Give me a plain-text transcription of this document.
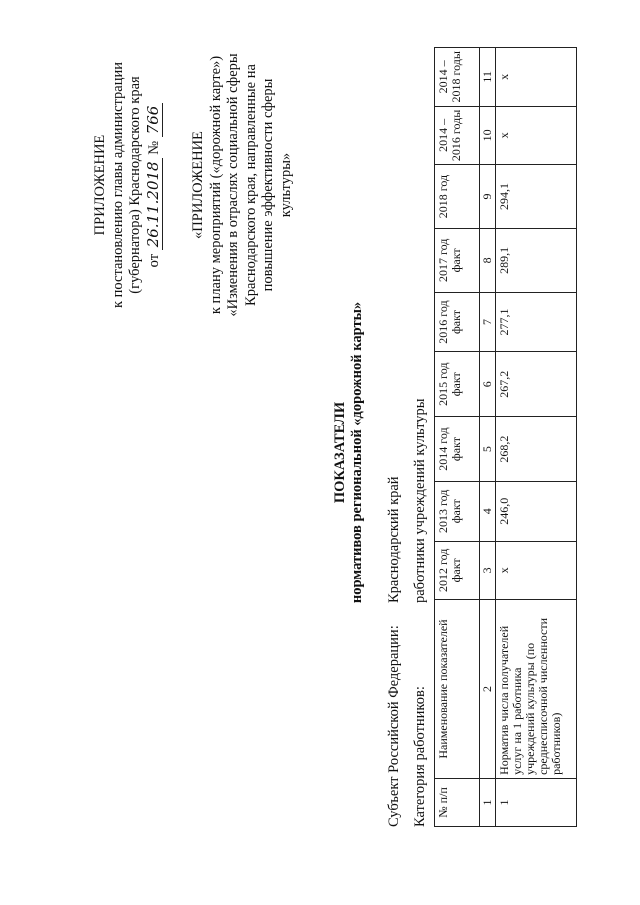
ПРИЛОЖЕНИЕ к постановлению главы администрации (губернатора) Краснодарского края от 26.11.2018 № 766
«ПРИЛОЖЕНИЕ к плану мероприятий («дорожной карте») «Изменения в отраслях социальной сферы Краснодарского края, направленные на повышение эффективности сферы культуры»
ПОКАЗАТЕЛИ нормативов региональной «дорожной карты»
Субъект Российской Федерации:
Краснодарский край
Категория работников:
работники учреждений культуры
№ п/п	Наименование показателей	2012 год факт	2013 год факт	2014 год факт	2015 год факт	2016 год факт	2017 год факт	2018 год	2014 – 2016 годы	2014 – 2018 годы
1	2	3	4	5	6	7	8	9	10	11
1	Норматив числа получателей услуг на 1 работника учреждений культуры (по среднесписочной численности работников)	x	246,0	268,2	267,2	277,1	289,1	294,1	x	x
